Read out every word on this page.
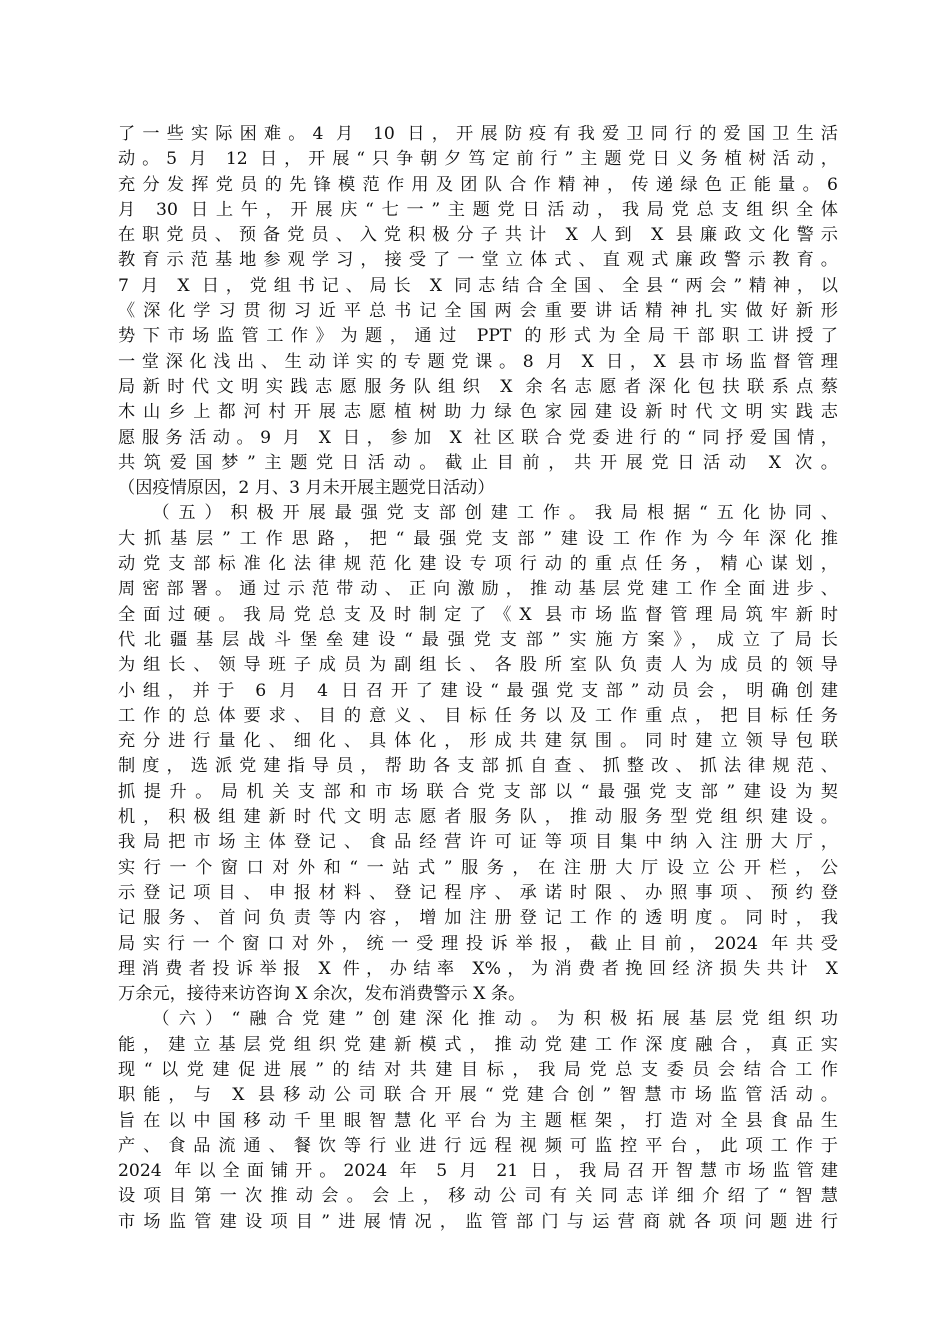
了一些实际困难。4 月 10 日，开展防疫有我爱卫同行的爱国卫生活
动。5 月 12 日，开展“只争朝夕笃定前行”主题党日义务植树活动，
充分发挥党员的先锋模范作用及团队合作精神，传递绿色正能量。6
月 30 日上午，开展庆“七一”主题党日活动，我局党总支组织全体
在职党员、预备党员、入党积极分子共计 X 人到 X 县廉政文化警示
教育示范基地参观学习，接受了一堂立体式、直观式廉政警示教育。
7 月 X 日，党组书记、局长 X 同志结合全国、全县“两会”精神，以
《深化学习贯彻习近平总书记全国两会重要讲话精神扎实做好新形
势下市场监管工作》为题，通过 PPT 的形式为全局干部职工讲授了
一堂深化浅出、生动详实的专题党课。8 月 X 日，X 县市场监督管理
局新时代文明实践志愿服务队组织 X 余名志愿者深化包扶联系点蔡
木山乡上都河村开展志愿植树助力绿色家园建设新时代文明实践志
愿服务活动。9 月 X 日，参加 X 社区联合党委进行的“同抒爱国情，
共筑爱国梦”主题党日活动。截止目前，共开展党日活动 X 次。
（因疫情原因，2 月、3 月未开展主题党日活动）
（五）积极开展最强党支部创建工作。我局根据“五化协同、
大抓基层”工作思路，把“最强党支部”建设工作作为今年深化推
动党支部标准化法律规范化建设专项行动的重点任务，精心谋划，
周密部署。通过示范带动、正向激励，推动基层党建工作全面进步、
全面过硬。我局党总支及时制定了《X 县市场监督管理局筑牢新时
代北疆基层战斗堡垒建设“最强党支部”实施方案》，成立了局长
为组长、领导班子成员为副组长、各股所室队负责人为成员的领导
小组，并于 6 月 4 日召开了建设“最强党支部”动员会，明确创建
工作的总体要求、目的意义、目标任务以及工作重点，把目标任务
充分进行量化、细化、具体化，形成共建氛围。同时建立领导包联
制度，选派党建指导员，帮助各支部抓自查、抓整改、抓法律规范、
抓提升。局机关支部和市场联合党支部以“最强党支部”建设为契
机，积极组建新时代文明志愿者服务队，推动服务型党组织建设。
我局把市场主体登记、食品经营许可证等项目集中纳入注册大厅，
实行一个窗口对外和“一站式”服务，在注册大厅设立公开栏，公
示登记项目、申报材料、登记程序、承诺时限、办照事项、预约登
记服务、首问负责等内容，增加注册登记工作的透明度。同时，我
局实行一个窗口对外，统一受理投诉举报，截止目前，2024 年共受
理消费者投诉举报 X 件，办结率 X%，为消费者挽回经济损失共计 X
万余元，接待来访咨询 X 余次，发布消费警示 X 条。
（六）“融合党建”创建深化推动。为积极拓展基层党组织功
能，建立基层党组织党建新模式，推动党建工作深度融合，真正实
现“以党建促进展”的结对共建目标，我局党总支委员会结合工作
职能，与 X 县移动公司联合开展“党建合创”智慧市场监管活动。
旨在以中国移动千里眼智慧化平台为主题框架，打造对全县食品生
产、食品流通、餐饮等行业进行远程视频可监控平台，此项工作于
2024 年以全面铺开。2024 年 5 月 21 日，我局召开智慧市场监管建
设项目第一次推动会。会上，移动公司有关同志详细介绍了“智慧
市场监管建设项目”进展情况，监管部门与运营商就各项问题进行
